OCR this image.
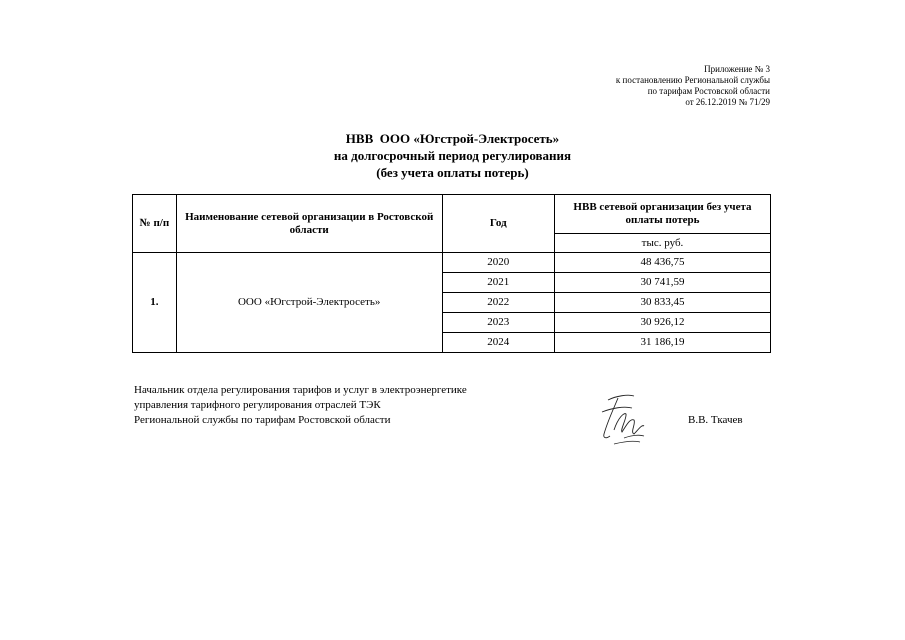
Приложение № 3
к постановлению Региональной службы
по тарифам Ростовской области
от 26.12.2019 № 71/29
НВВ  ООО «Югстрой-Электросеть»
на долгосрочный период регулирования
(без учета оплаты потерь)
№ п/п	Наименование сетевой организации в Ростовской области	Год	НВВ сетевой организации без учета оплаты потерь
			тыс. руб.
1.	ООО «Югстрой-Электросеть»	2020	48 436,75
		2021	30 741,59
		2022	30 833,45
		2023	30 926,12
		2024	31 186,19
Начальник отдела регулирования тарифов и услуг в электроэнергетике
управления тарифного регулирования отраслей ТЭК
Региональной службы по тарифам Ростовской области	В.В. Ткачев
